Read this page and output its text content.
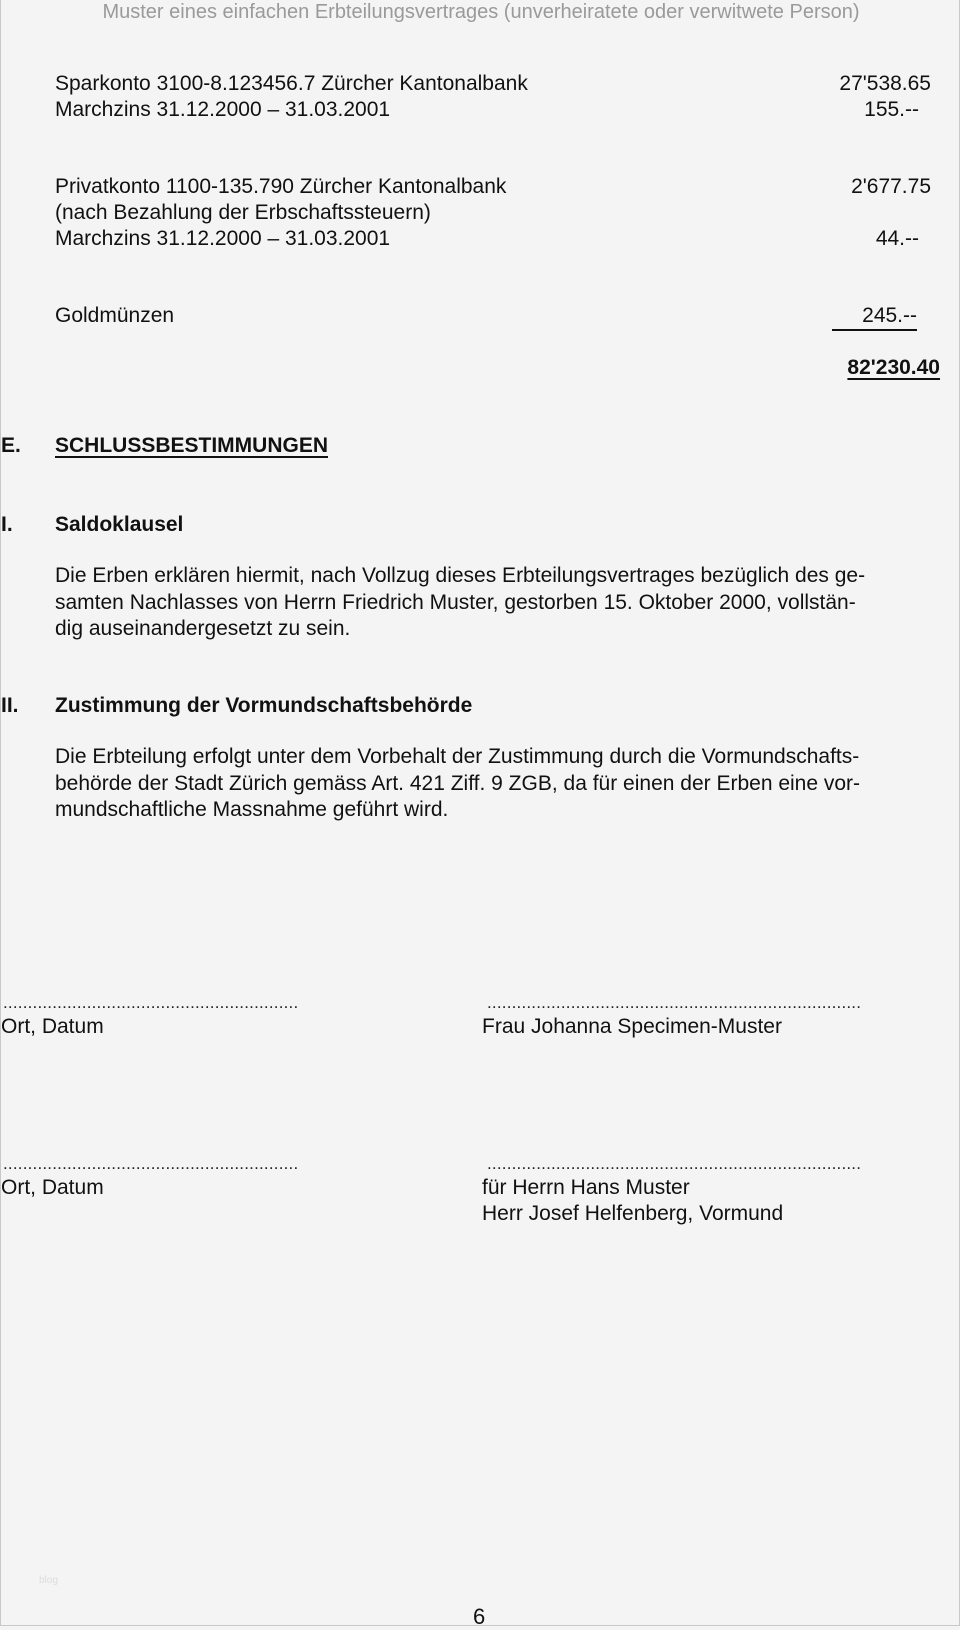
Muster eines einfachen Erbteilungsvertrages (unverheiratete oder verwitwete Person)
Sparkonto 3100-8.123456.7 Zürcher Kantonalbank	27'538.65
Marchzins 31.12.2000 – 31.03.2001	155.--
Privatkonto 1100-135.790 Zürcher Kantonalbank	2'677.75
(nach Bezahlung der Erbschaftssteuern)
Marchzins 31.12.2000 – 31.03.2001	44.--
Goldmünzen	245.--
82'230.40
E. SCHLUSSBESTIMMUNGEN
I. Saldoklausel
Die Erben erklären hiermit, nach Vollzug dieses Erbteilungsvertrages bezüglich des ge-
samten Nachlasses von Herrn Friedrich Muster, gestorben 15. Oktober 2000, vollstän-
dig auseinandergesetzt zu sein.
II. Zustimmung der Vormundschaftsbehörde
Die Erbteilung erfolgt unter dem Vorbehalt der Zustimmung durch die Vormundschafts-
behörde der Stadt Zürich gemäss Art. 421 Ziff. 9 ZGB, da für einen der Erben eine vor-
mundschaftliche Massnahme geführt wird.
............................................................
Ort, Datum
............................................................................
Frau Johanna Specimen-Muster
............................................................
Ort, Datum
............................................................................
für Herrn Hans Muster
Herr Josef Helfenberg, Vormund
blog
6
